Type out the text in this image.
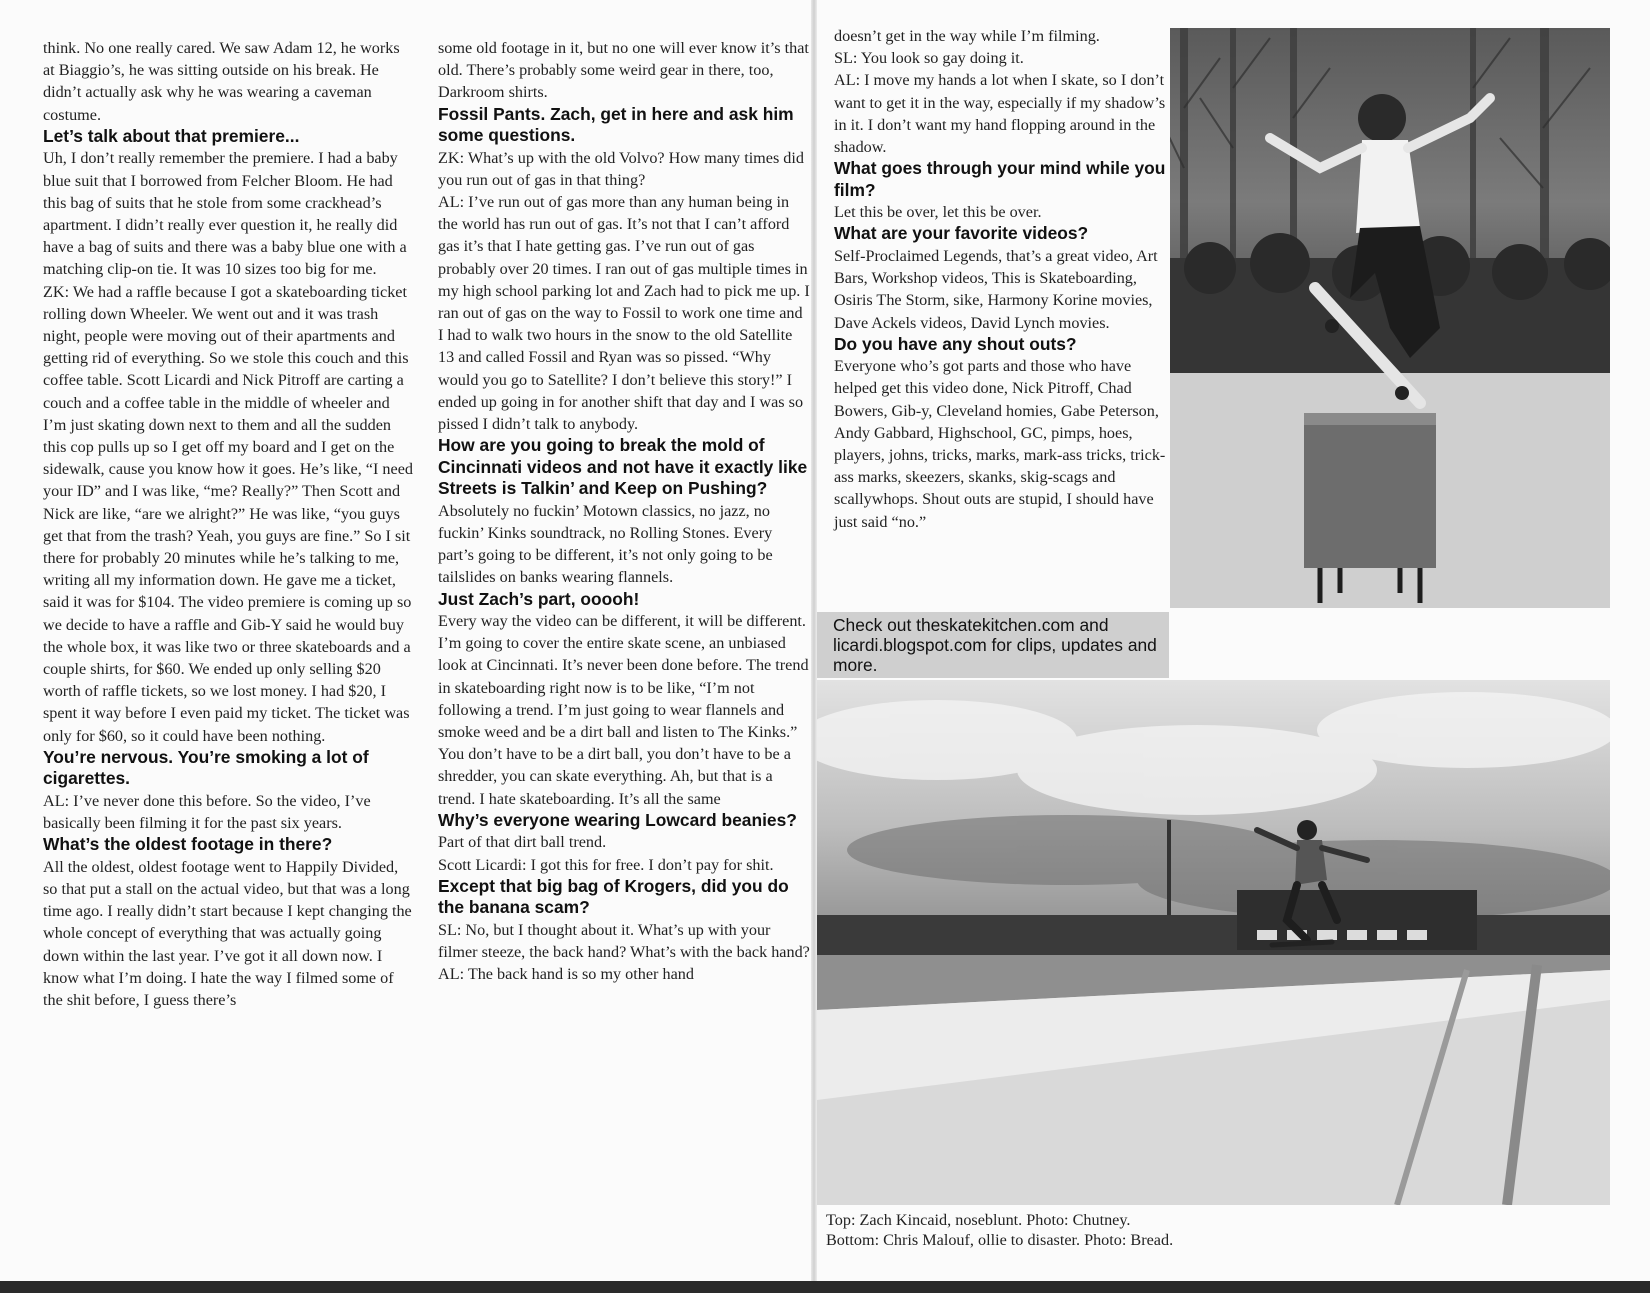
think. No one really cared. We saw Adam 12, he works at Biaggio’s, he was sitting outside on his break. He didn’t actually ask why he was wearing a caveman costume.

Let’s talk about that premiere...

Uh, I don’t really remember the premiere. I had a baby blue suit that I borrowed from Felcher Bloom. He had this bag of suits that he stole from some crackhead’s apartment. I didn’t really ever question it, he really did have a bag of suits and there was a baby blue one with a matching clip-on tie. It was 10 sizes too big for me.

ZK: We had a raffle because I got a skateboarding ticket rolling down Wheeler. We went out and it was trash night, people were moving out of their apartments and getting rid of everything. So we stole this couch and this coffee table. Scott Licardi and Nick Pitroff are carting a couch and a coffee table in the middle of wheeler and I’m just skating down next to them and all the sudden this cop pulls up so I get off my board and I get on the sidewalk, cause you know how it goes. He’s like, “I need your ID” and I was like, “me? Really?” Then Scott and Nick are like, “are we alright?” He was like, “you guys get that from the trash? Yeah, you guys are fine.” So I sit there for probably 20 minutes while he’s talking to me, writing all my information down. He gave me a ticket, said it was for $104. The video premiere is coming up so we decide to have a raffle and Gib-Y said he would buy the whole box, it was like two or three skateboards and a couple shirts, for $60. We ended up only selling $20 worth of raffle tickets, so we lost money. I had $20, I spent it way before I even paid my ticket. The ticket was only for $60, so it could have been nothing.

You’re nervous. You’re smoking a lot of cigarettes.

AL: I’ve never done this before. So the video, I’ve basically been filming it for the past six years.

What’s the oldest footage in there?

All the oldest, oldest footage went to Happily Divided, so that put a stall on the actual video, but that was a long time ago. I really didn’t start because I kept changing the whole concept of everything that was actually going down within the last year. I’ve got it all down now. I know what I’m doing. I hate the way I filmed some of the shit before, I guess there’s

some old footage in it, but no one will ever know it’s that old. There’s probably some weird gear in there, too, Darkroom shirts.

Fossil Pants. Zach, get in here and ask him some questions.

ZK: What’s up with the old Volvo? How many times did you run out of gas in that thing?

AL: I’ve run out of gas more than any human being in the world has run out of gas. It’s not that I can’t afford gas it’s that I hate getting gas. I’ve run out of gas probably over 20 times. I ran out of gas multiple times in my high school parking lot and Zach had to pick me up. I ran out of gas on the way to Fossil to work one time and I had to walk two hours in the snow to the old Satellite 13 and called Fossil and Ryan was so pissed. “Why would you go to Satellite? I don’t believe this story!” I ended up going in for another shift that day and I was so pissed I didn’t talk to anybody.

How are you going to break the mold of Cincinnati videos and not have it exactly like Streets is Talkin’ and Keep on Pushing?

Absolutely no fuckin’ Motown classics, no jazz, no fuckin’ Kinks soundtrack, no Rolling Stones. Every part’s going to be different, it’s not only going to be tailslides on banks wearing flannels.

Just Zach’s part, ooooh!

Every way the video can be different, it will be different. I’m going to cover the entire skate scene, an unbiased look at Cincinnati. It’s never been done before. The trend in skateboarding right now is to be like, “I’m not following a trend. I’m just going to wear flannels and smoke weed and be a dirt ball and listen to The Kinks.” You don’t have to be a dirt ball, you don’t have to be a shredder, you can skate everything. Ah, but that is a trend. I hate skateboarding. It’s all the same

Why’s everyone wearing Lowcard beanies?

Part of that dirt ball trend.

Scott Licardi: I got this for free. I don’t pay for shit.

Except that big bag of Krogers, did you do the banana scam?

SL: No, but I thought about it. What’s up with your filmer steeze, the back hand? What’s with the back hand?

AL: The back hand is so my other hand

doesn’t get in the way while I’m filming.

SL: You look so gay doing it.

AL: I move my hands a lot when I skate, so I don’t want to get it in the way, especially if my shadow’s in it. I don’t want my hand flopping around in the shadow.

What goes through your mind while you film?

Let this be over, let this be over.

What are your favorite videos?

Self-Proclaimed Legends, that’s a great video, Art Bars, Workshop videos, This is Skateboarding, Osiris The Storm, sike, Harmony Korine movies, Dave Ackels videos, David Lynch movies.

Do you have any shout outs?

Everyone who’s got parts and those who have helped get this video done, Nick Pitroff, Chad Bowers, Gib-y, Cleveland homies, Gabe Peterson, Andy Gabbard, Highschool, GC, pimps, hoes, players, johns, tricks, marks, mark-ass tricks, trick-ass marks, skeezers, skanks, skig-scags and scallywhops. Shout outs are stupid, I should have just said “no.”

Check out theskatekitchen.com and licardi.blogspot.com for clips, updates and more.

Top: Zach Kincaid, noseblunt. Photo: Chutney.

Bottom: Chris Malouf, ollie to disaster. Photo: Bread.
